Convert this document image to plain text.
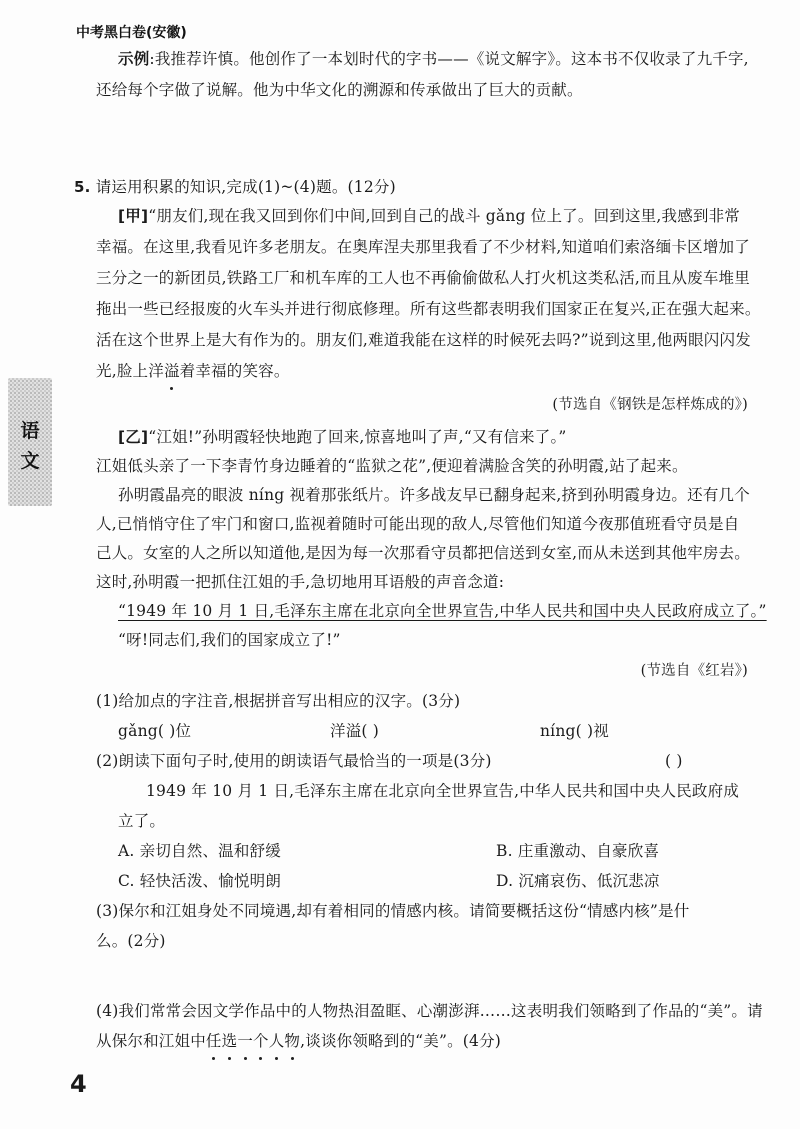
中考黑白卷(安徽)
示例:我推荐许慎。他创作了一本划时代的字书——《说文解字》。这本书不仅收录了九千字,
还给每个字做了说解。他为中华文化的溯源和传承做出了巨大的贡献。
5. 请运用积累的知识,完成(1)~(4)题。(12分)
[甲]“朋友们,现在我又回到你们中间,回到自己的战斗 gǎng 位上了。回到这里,我感到非常
幸福。在这里,我看见许多老朋友。在奥库涅夫那里我看了不少材料,知道咱们索洛缅卡区增加了
三分之一的新团员,铁路工厂和机车库的工人也不再偷偷做私人打火机这类私活,而且从废车堆里
拖出一些已经报废的火车头并进行彻底修理。所有这些都表明我们国家正在复兴,正在强大起来。
活在这个世界上是大有作为的。朋友们,难道我能在这样的时候死去吗?”说到这里,他两眼闪闪发
光,脸上洋溢着幸福的笑容。
(节选自《钢铁是怎样炼成的》)
[乙]“江姐!”孙明霞轻快地跑了回来,惊喜地叫了声,“又有信来了。”
江姐低头亲了一下李青竹身边睡着的“监狱之花”,便迎着满脸含笑的孙明霞,站了起来。
孙明霞晶亮的眼波 níng 视着那张纸片。许多战友早已翻身起来,挤到孙明霞身边。还有几个
人,已悄悄守住了牢门和窗口,监视着随时可能出现的敌人,尽管他们知道今夜那值班看守员是自
己人。女室的人之所以知道他,是因为每一次那看守员都把信送到女室,而从未送到其他牢房去。
这时,孙明霞一把抓住江姐的手,急切地用耳语般的声音念道:
“1949 年 10 月 1 日,毛泽东主席在北京向全世界宣告,中华人民共和国中央人民政府成立了。”
“呀!同志们,我们的国家成立了!”
(节选自《红岩》)
(1)给加点的字注音,根据拼音写出相应的汉字。(3分)
gǎng( )位	洋溢( )	níng( )视
(2)朗读下面句子时,使用的朗读语气最恰当的一项是(3分)	( )
1949 年 10 月 1 日,毛泽东主席在北京向全世界宣告,中华人民共和国中央人民政府成
立了。
A. 亲切自然、温和舒缓	B. 庄重激动、自豪欣喜
C. 轻快活泼、愉悦明朗	D. 沉痛哀伤、低沉悲凉
(3)保尔和江姐身处不同境遇,却有着相同的情感内核。请简要概括这份“情感内核”是什
么。(2分)
(4)我们常常会因文学作品中的人物热泪盈眶、心潮澎湃……这表明我们领略到了作品的“美”。请
从保尔和江姐中任选一个人物,谈谈你领略到的“美”。(4分)
语
文
4
